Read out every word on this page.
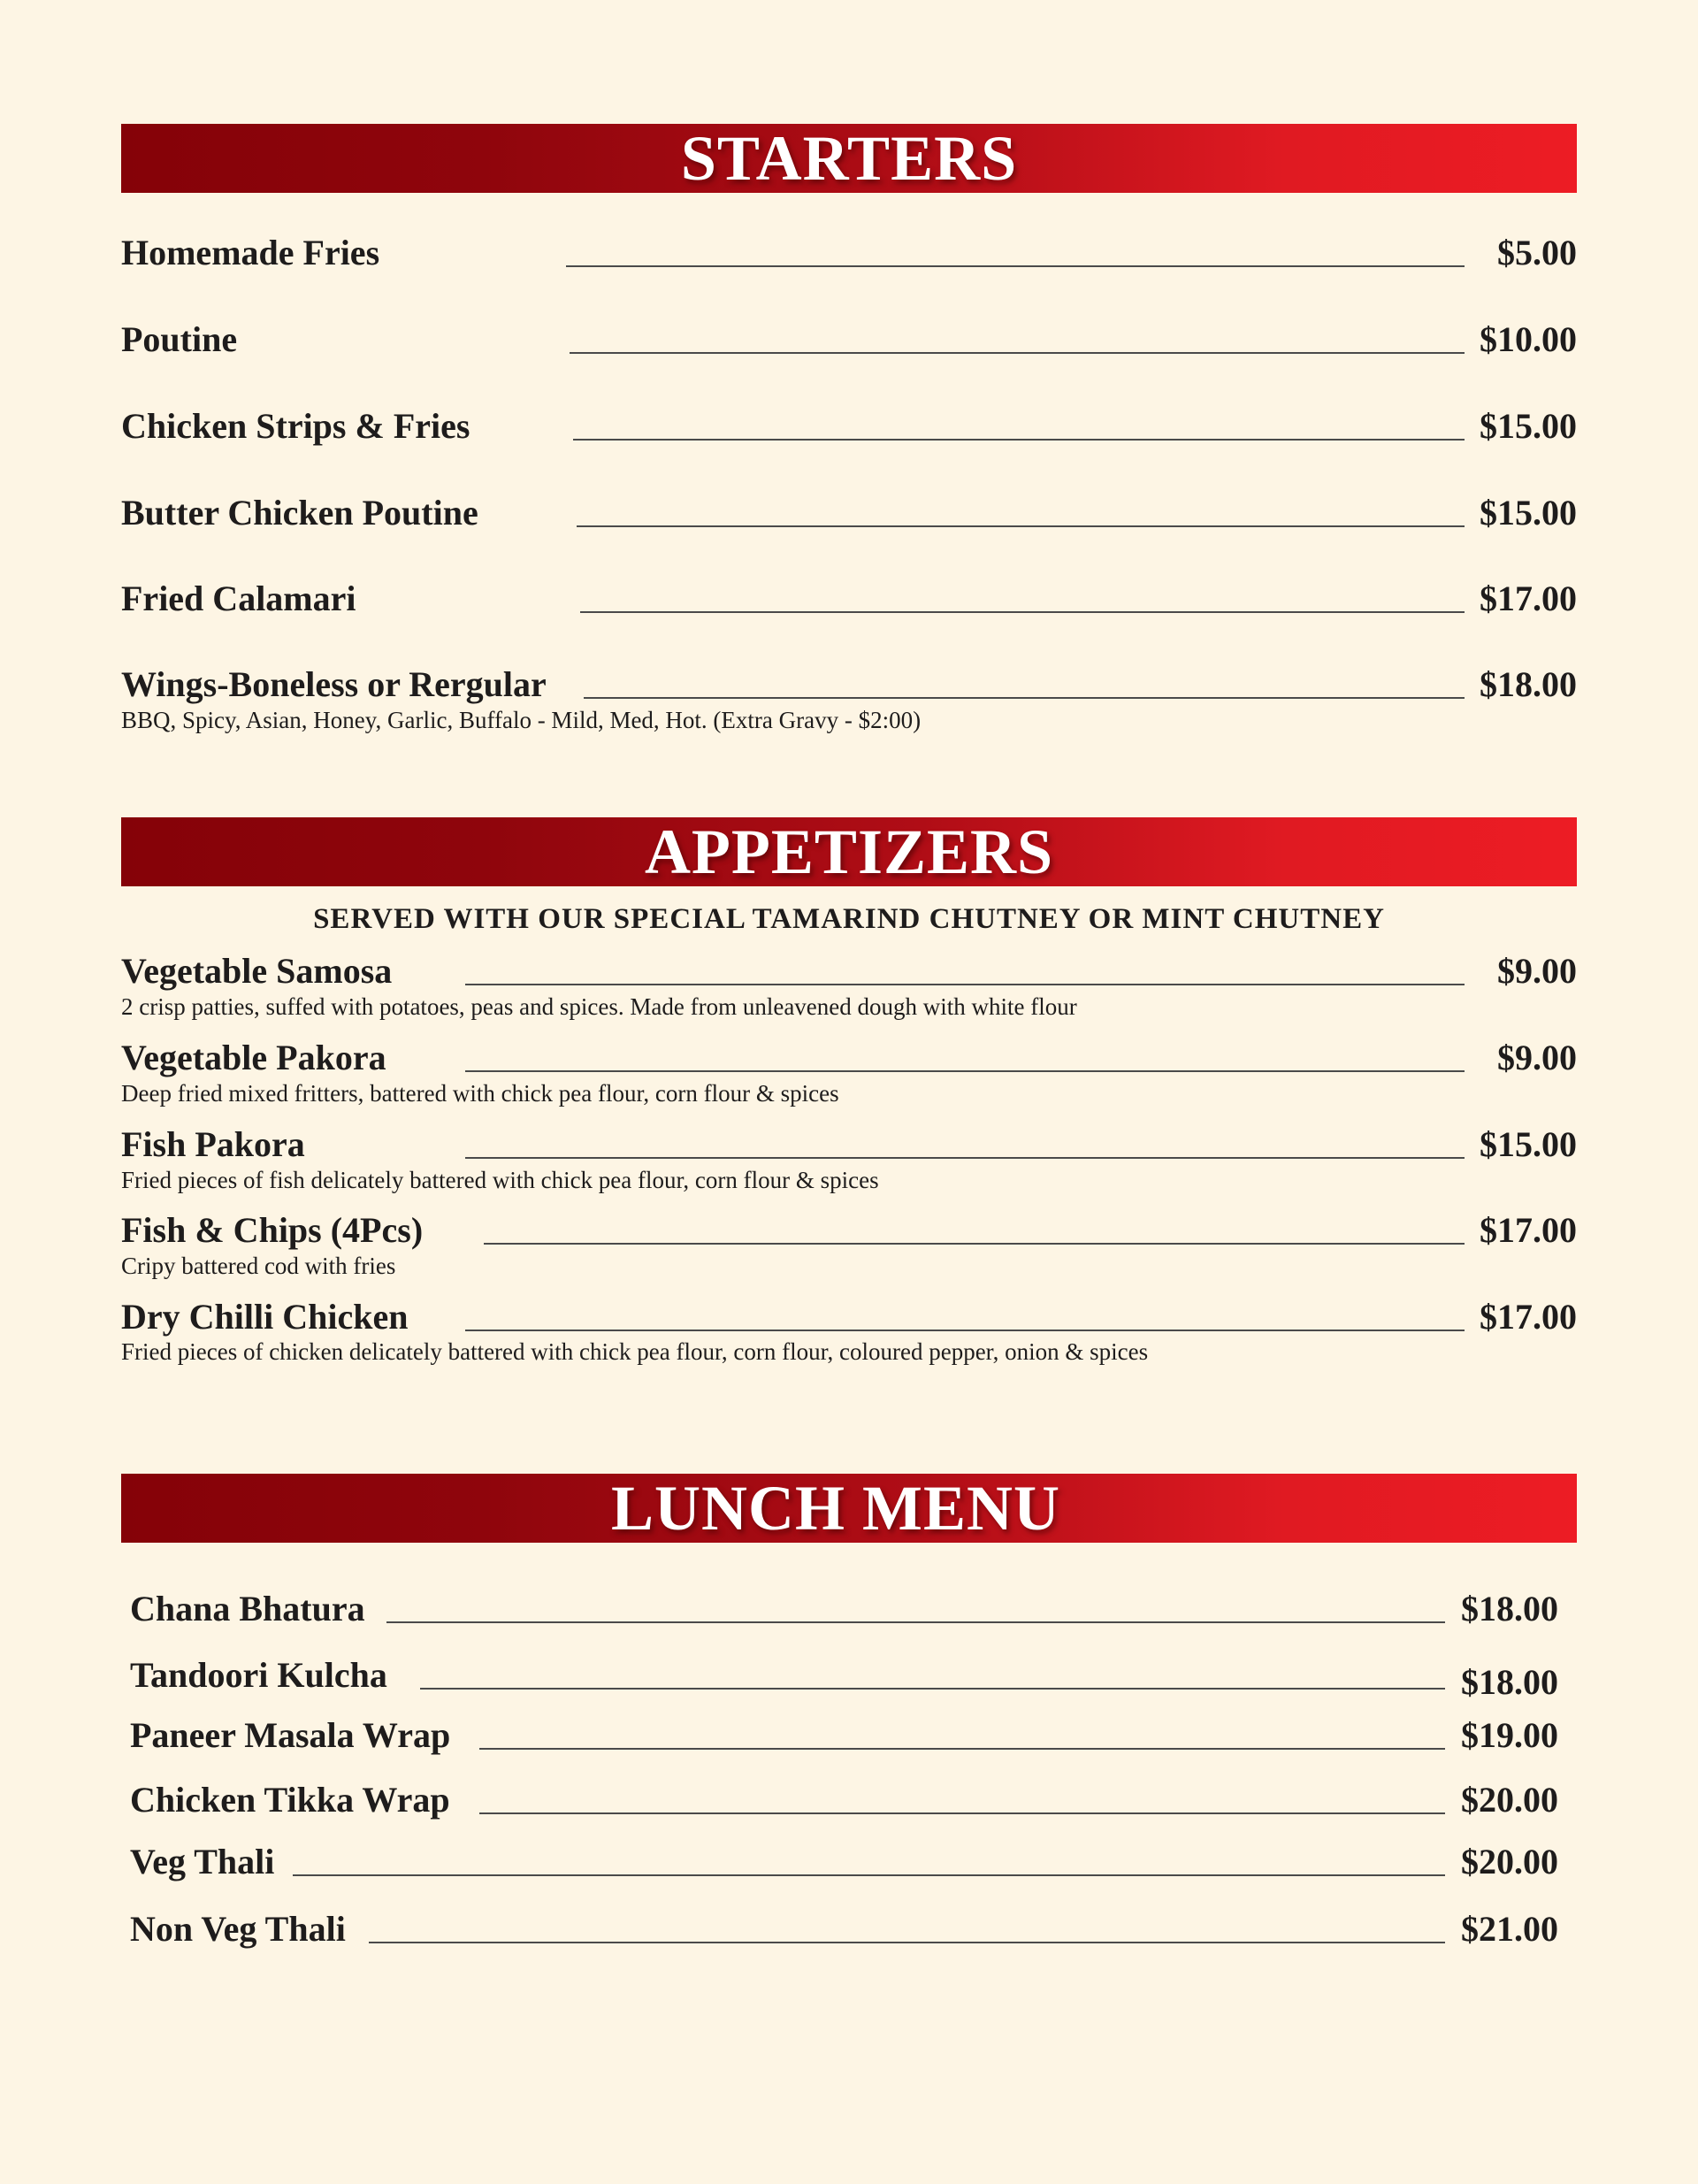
STARTERS
Homemade Fries	$5.00
Poutine	$10.00
Chicken Strips & Fries	$15.00
Butter Chicken Poutine	$15.00
Fried Calamari	$17.00
Wings-Boneless or Rergular	$18.00
BBQ, Spicy, Asian, Honey, Garlic, Buffalo - Mild, Med, Hot. (Extra Gravy - $2:00)
APPETIZERS
SERVED WITH OUR SPECIAL TAMARIND CHUTNEY OR MINT CHUTNEY
Vegetable Samosa	$9.00
2 crisp patties, suffed with potatoes, peas and spices. Made from unleavened dough with white flour
Vegetable Pakora	$9.00
Deep fried mixed fritters, battered with chick pea flour, corn flour & spices
Fish Pakora	$15.00
Fried pieces of fish delicately battered with chick pea flour, corn flour & spices
Fish & Chips (4Pcs)	$17.00
Cripy battered cod with fries
Dry Chilli Chicken	$17.00
Fried pieces of chicken delicately battered with chick pea flour, corn flour, coloured pepper, onion & spices
LUNCH MENU
Chana Bhatura	$18.00
Tandoori Kulcha	$18.00
Paneer Masala Wrap	$19.00
Chicken Tikka Wrap	$20.00
Veg Thali	$20.00
Non Veg Thali	$21.00
